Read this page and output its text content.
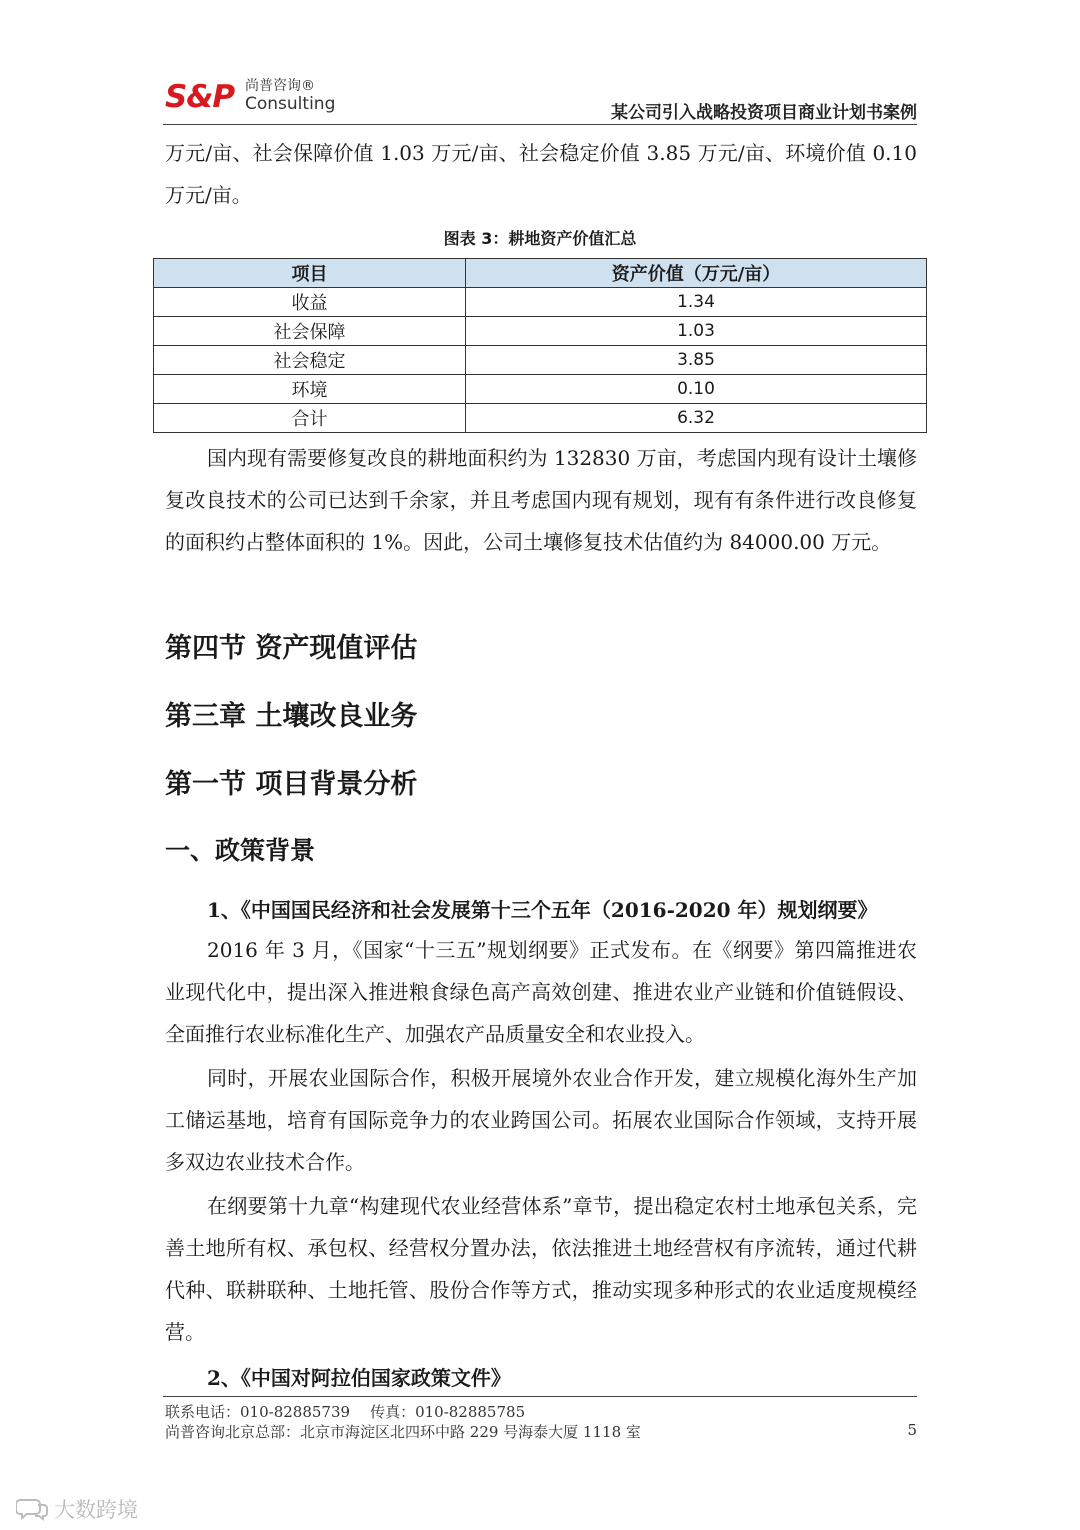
S&P 尚普咨询®
Consulting	某公司引入战略投资项目商业计划书案例

万元/亩、社会保障价值 1.03 万元/亩、社会稳定价值 3.85 万元/亩、环境价值 0.10 万元/亩。

图表 3：耕地资产价值汇总
项目	资产价值（万元/亩）
收益	1.34
社会保障	1.03
社会稳定	3.85
环境	0.10
合计	6.32

国内现有需要修复改良的耕地面积约为 132830 万亩，考虑国内现有设计土壤修复改良技术的公司已达到千余家，并且考虑国内现有规划，现有有条件进行改良修复的面积约占整体面积的 1%。因此，公司土壤修复技术估值约为 84000.00 万元。

第四节 资产现值评估
第三章 土壤改良业务
第一节 项目背景分析
一、政策背景
1、《中国国民经济和社会发展第十三个五年（2016-2020 年）规划纲要》

2016 年 3 月，《国家“十三五”规划纲要》正式发布。在《纲要》第四篇推进农业现代化中，提出深入推进粮食绿色高产高效创建、推进农业产业链和价值链假设、全面推行农业标准化生产、加强农产品质量安全和农业投入。

同时，开展农业国际合作，积极开展境外农业合作开发，建立规模化海外生产加工储运基地，培育有国际竞争力的农业跨国公司。拓展农业国际合作领域，支持开展多双边农业技术合作。

在纲要第十九章“构建现代农业经营体系”章节，提出稳定农村土地承包关系，完善土地所有权、承包权、经营权分置办法，依法推进土地经营权有序流转，通过代耕代种、联耕联种、土地托管、股份合作等方式，推动实现多种形式的农业适度规模经营。

2、《中国对阿拉伯国家政策文件》
联系电话：010-82885739 传真：010-82885785
尚普咨询北京总部：北京市海淀区北四环中路 229 号海泰大厦 1118 室	5
大数跨境
